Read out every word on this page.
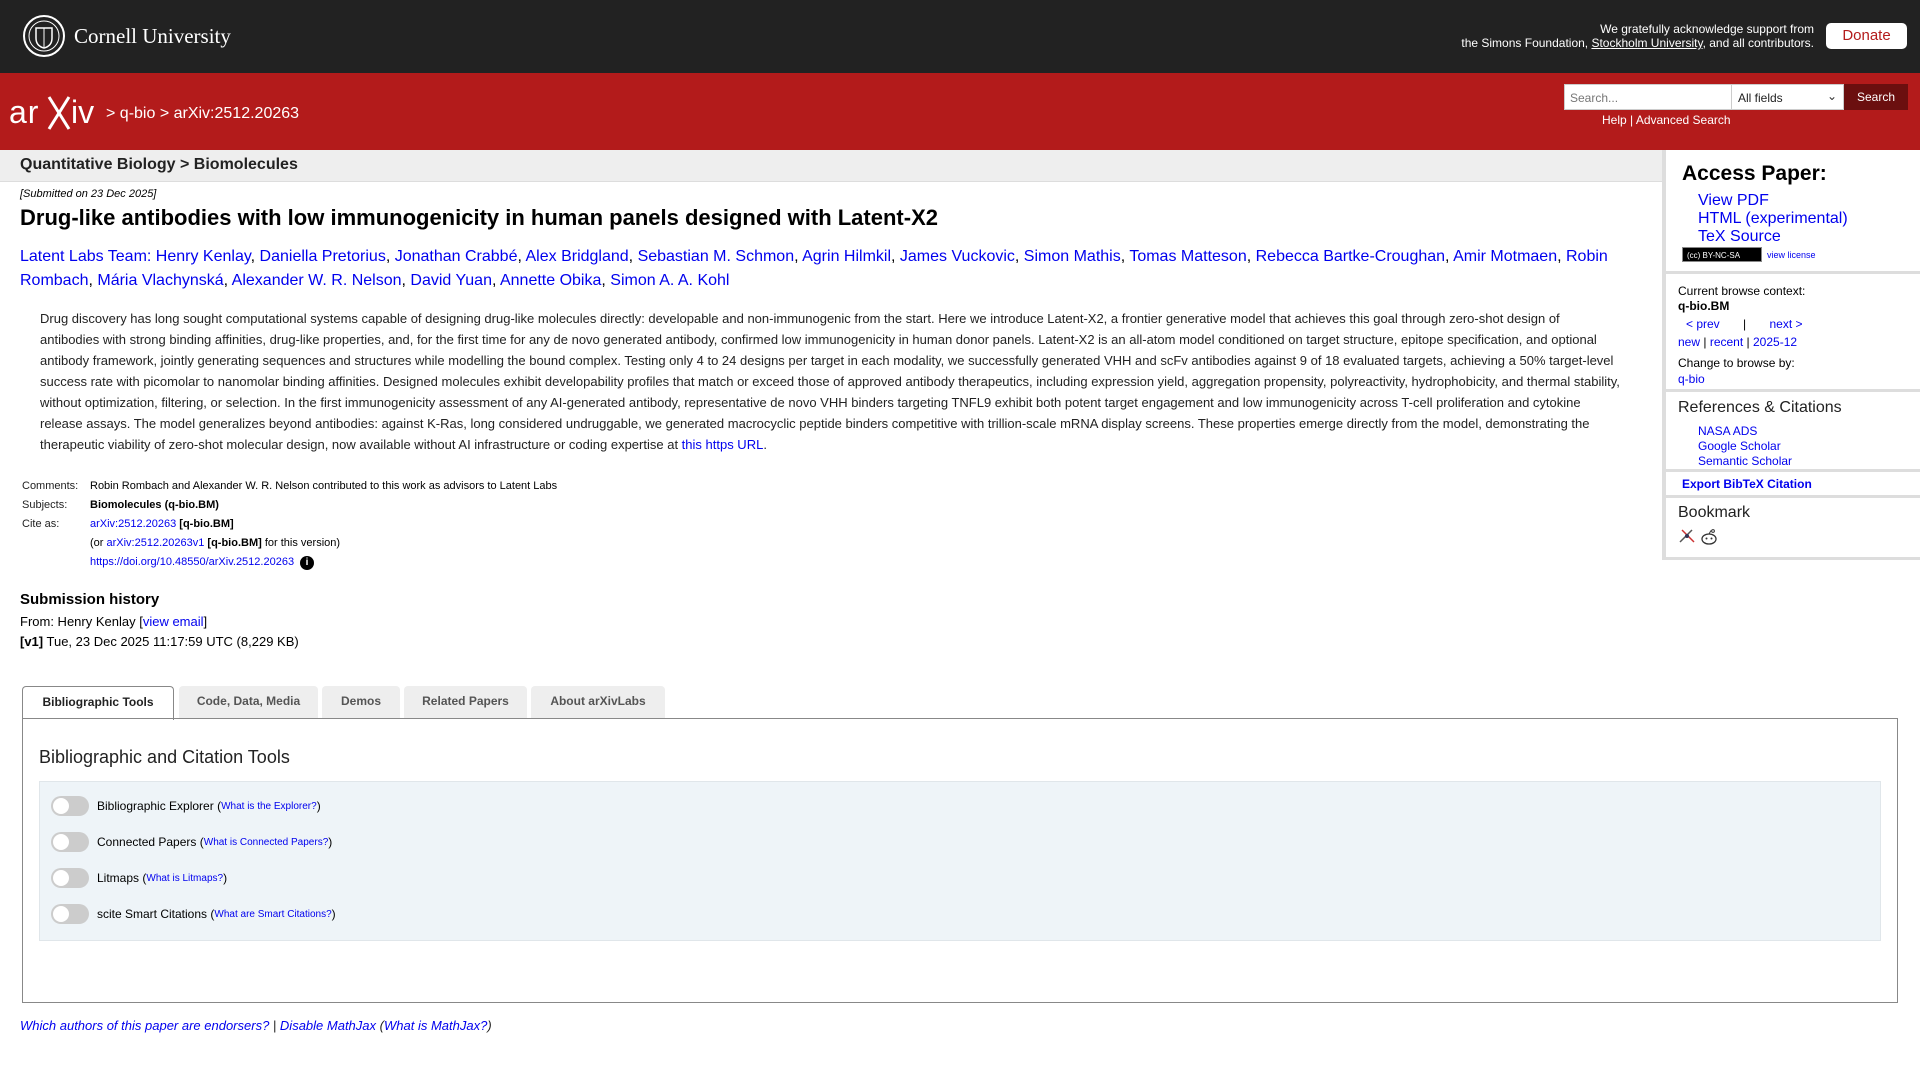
Cornell University	We gratefully acknowledge support from
the Simons Foundation, Stockholm University, and all contributors.	Donate
ar iv > q-bio > arXiv:2512.20263
Search...	All fields	⌄	Search
Help | Advanced Search
Quantitative Biology > Biomolecules
[Submitted on 23 Dec 2025]
Drug-like antibodies with low immunogenicity in human panels designed with Latent-X2
Latent Labs Team: Henry Kenlay, Daniella Pretorius, Jonathan Crabbé, Alex Bridgland, Sebastian M. Schmon, Agrin Hilmkil, James Vuckovic, Simon Mathis, Tomas Matteson, Rebecca Bartke-Croughan, Amir Motmaen, Robin Rombach, Mária Vlachynská, Alexander W. R. Nelson, David Yuan, Annette Obika, Simon A. A. Kohl
Drug discovery has long sought computational systems capable of designing drug-like molecules directly: developable and non-immunogenic from the start. Here we introduce Latent-X2, a frontier generative model that achieves this goal through zero-shot design of antibodies with strong binding affinities, drug-like properties, and, for the first time for any de novo generated antibody, confirmed low immunogenicity in human donor panels. Latent-X2 is an all-atom model conditioned on target structure, epitope specification, and optional antibody framework, jointly generating sequences and structures while modelling the bound complex. Testing only 4 to 24 designs per target in each modality, we successfully generated VHH and scFv antibodies against 9 of 18 evaluated targets, achieving a 50% target-level success rate with picomolar to nanomolar binding affinities. Designed molecules exhibit developability profiles that match or exceed those of approved antibody therapeutics, including expression yield, aggregation propensity, polyreactivity, hydrophobicity, and thermal stability, without optimization, filtering, or selection. In the first immunogenicity assessment of any AI-generated antibody, representative de novo VHH binders targeting TNFL9 exhibit both potent target engagement and low immunogenicity across T-cell proliferation and cytokine release assays. The model generalizes beyond antibodies: against K-Ras, long considered undruggable, we generated macrocyclic peptide binders competitive with trillion-scale mRNA display screens. These properties emerge directly from the model, demonstrating the therapeutic viability of zero-shot molecular design, now available without AI infrastructure or coding expertise at this https URL.
Comments:	Robin Rombach and Alexander W. R. Nelson contributed to this work as advisors to Latent Labs
Subjects:	Biomolecules (q-bio.BM)
Cite as:	arXiv:2512.20263 [q-bio.BM]
	(or arXiv:2512.20263v1 [q-bio.BM] for this version)
	https://doi.org/10.48550/arXiv.2512.20263 i
Submission history
From: Henry Kenlay [view email]
[v1] Tue, 23 Dec 2025 11:17:59 UTC (8,229 KB)
Bibliographic Tools	Code, Data, Media	Demos	Related Papers	About arXivLabs
Bibliographic and Citation Tools
Bibliographic Explorer ( What is the Explorer? )
Connected Papers ( What is Connected Papers? )
Litmaps ( What is Litmaps? )
scite Smart Citations ( What are Smart Citations? )
Which authors of this paper are endorsers? | Disable MathJax (What is MathJax?)
Access Paper:
View PDF
HTML (experimental)
TeX Source
(cc) BY-NC-SA	view license
Current browse context:
q-bio.BM
< prev | next >
new | recent | 2025-12
Change to browse by:
q-bio
References & Citations
NASA ADS
Google Scholar
Semantic Scholar
Export BibTeX Citation
Bookmark
